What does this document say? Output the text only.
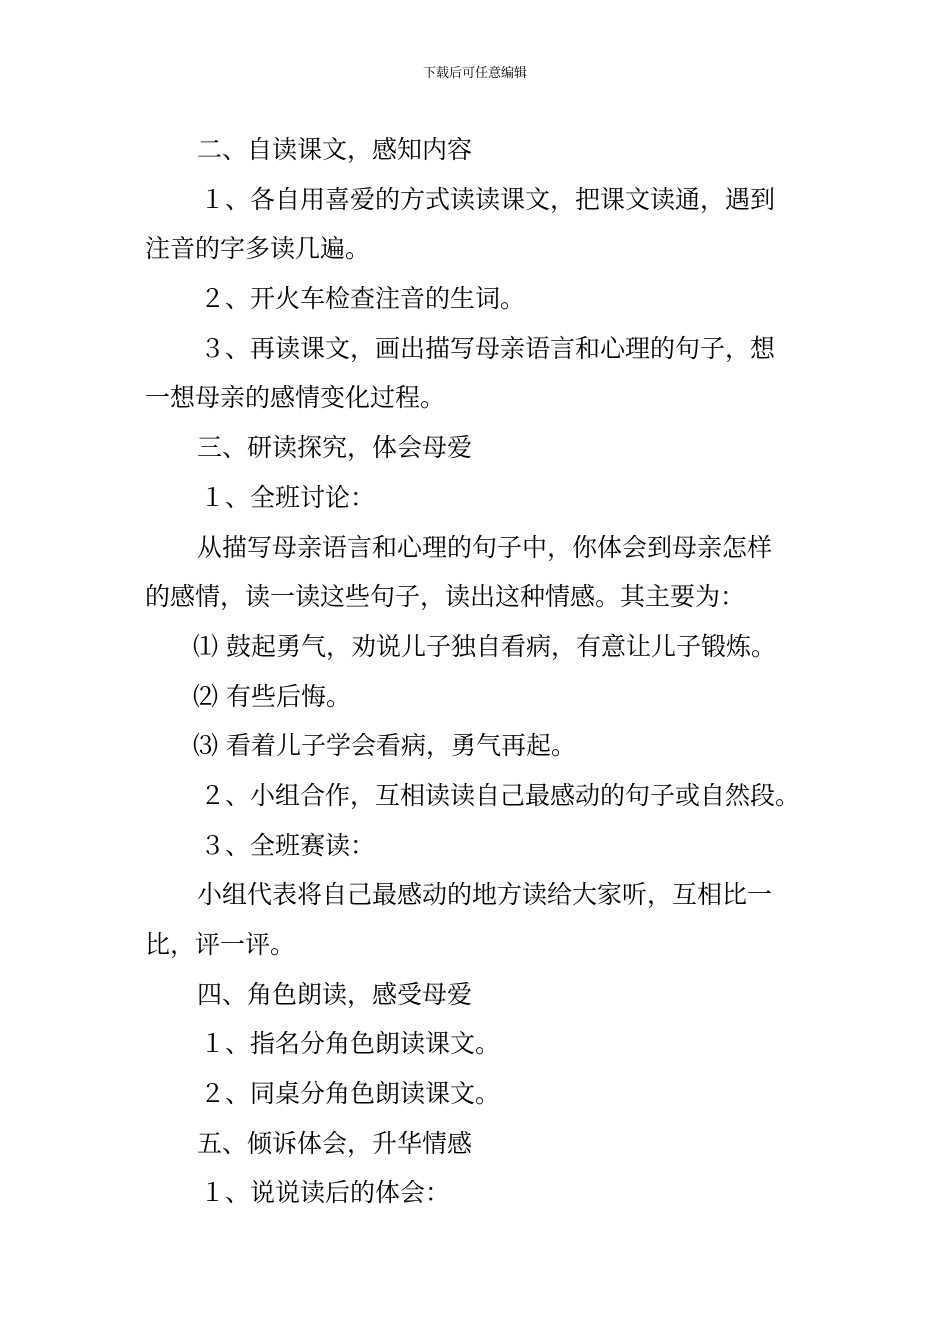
下载后可任意编辑
二、自读课文，感知内容
１、各自用喜爱的方式读读课文，把课文读通，遇到
注音的字多读几遍。
２、开火车检查注音的生词。
３、再读课文，画出描写母亲语言和心理的句子，想
一想母亲的感情变化过程。
三、研读探究，体会母爱
１、全班讨论：
从描写母亲语言和心理的句子中，你体会到母亲怎样
的感情，读一读这些句子，读出这种情感。其主要为：
⑴ 鼓起勇气，劝说儿子独自看病，有意让儿子锻炼。
⑵ 有些后悔。
⑶ 看着儿子学会看病，勇气再起。
２、小组合作，互相读读自己最感动的句子或自然段。
３、全班赛读：
小组代表将自己最感动的地方读给大家听，互相比一
比，评一评。
四、角色朗读，感受母爱
１、指名分角色朗读课文。
２、同桌分角色朗读课文。
五、倾诉体会，升华情感
１、说说读后的体会：
